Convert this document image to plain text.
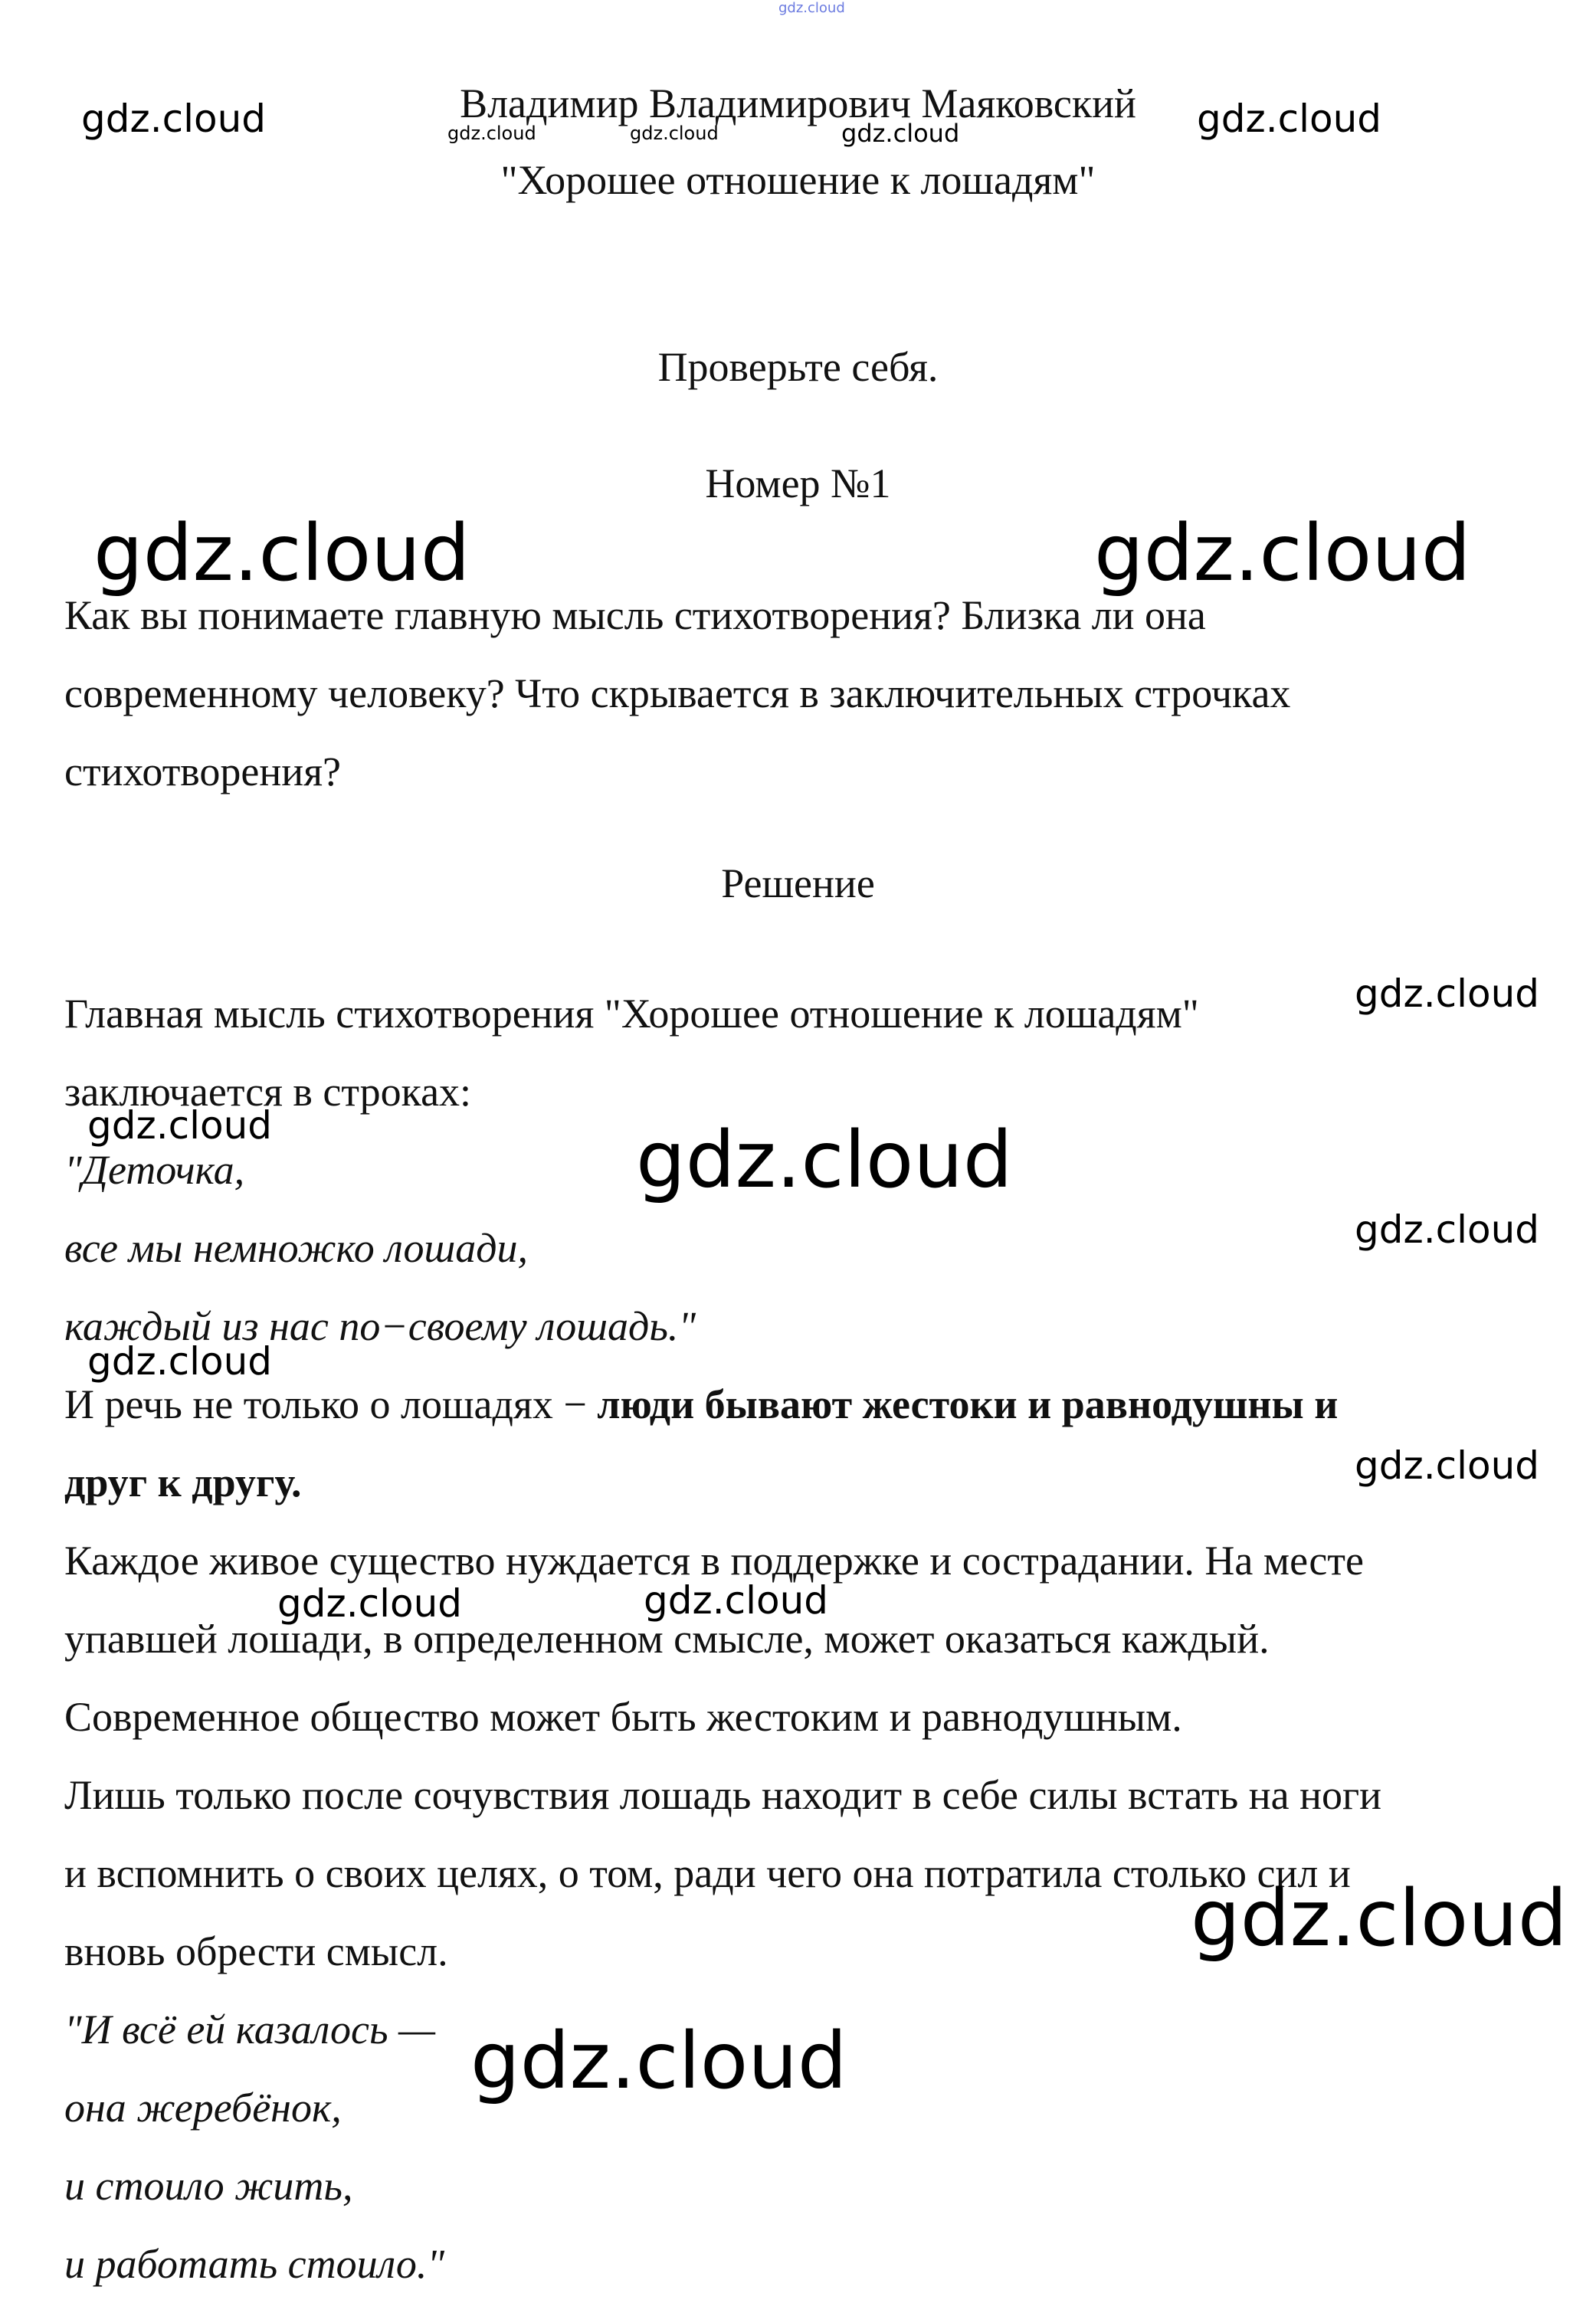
gdz.cloud
Владимир Владимирович Маяковский
"Хорошее отношение к лошадям"
Проверьте себя.
Номер №1
Как вы понимаете главную мысль стихотворения? Близка ли она
современному человеку? Что скрывается в заключительных строчках
стихотворения?
Решение
Главная мысль стихотворения "Хорошее отношение к лошадям"
заключается в строках:
"Деточка,
все мы немножко лошади,
каждый из нас по−своему лошадь."
И речь не только о лошадях − люди бывают жестоки и равнодушны и
друг к другу.
Каждое живое существо нуждается в поддержке и сострадании. На месте
упавшей лошади, в определенном смысле, может оказаться каждый.
Современное общество может быть жестоким и равнодушным.
Лишь только после сочувствия лошадь находит в себе силы встать на ноги
и вспомнить о своих целях, о том, ради чего она потратила столько сил и
вновь обрести смысл.
"И всё ей казалось —
она жеребёнок,
и стоило жить,
и работать стоило."
gdz.cloud	gdz.cloud
gdz.cloud	gdz.cloud	gdz.cloud
gdz.cloud	gdz.cloud
gdz.cloud
gdz.cloud	gdz.cloud
gdz.cloud
gdz.cloud
gdz.cloud
gdz.cloud	gdz.cloud
gdz.cloud
gdz.cloud
